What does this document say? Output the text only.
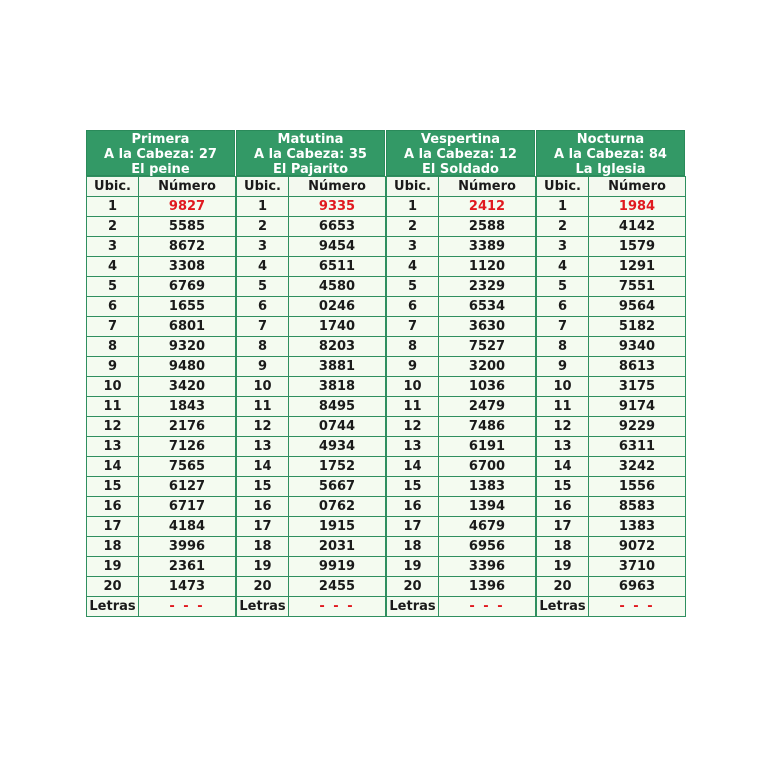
Primera
A la Cabeza: 27
El peine
Ubic.	Número
1	9827
2	5585
3	8672
4	3308
5	6769
6	1655
7	6801
8	9320
9	9480
10	3420
11	1843
12	2176
13	7126
14	7565
15	6127
16	6717
17	4184
18	3996
19	2361
20	1473
Letras	- - -
Matutina
A la Cabeza: 35
El Pajarito
Ubic.	Número
1	9335
2	6653
3	9454
4	6511
5	4580
6	0246
7	1740
8	8203
9	3881
10	3818
11	8495
12	0744
13	4934
14	1752
15	5667
16	0762
17	1915
18	2031
19	9919
20	2455
Letras	- - -
Vespertina
A la Cabeza: 12
El Soldado
Ubic.	Número
1	2412
2	2588
3	3389
4	1120
5	2329
6	6534
7	3630
8	7527
9	3200
10	1036
11	2479
12	7486
13	6191
14	6700
15	1383
16	1394
17	4679
18	6956
19	3396
20	1396
Letras	- - -
Nocturna
A la Cabeza: 84
La Iglesia
Ubic.	Número
1	1984
2	4142
3	1579
4	1291
5	7551
6	9564
7	5182
8	9340
9	8613
10	3175
11	9174
12	9229
13	6311
14	3242
15	1556
16	8583
17	1383
18	9072
19	3710
20	6963
Letras	- - -
